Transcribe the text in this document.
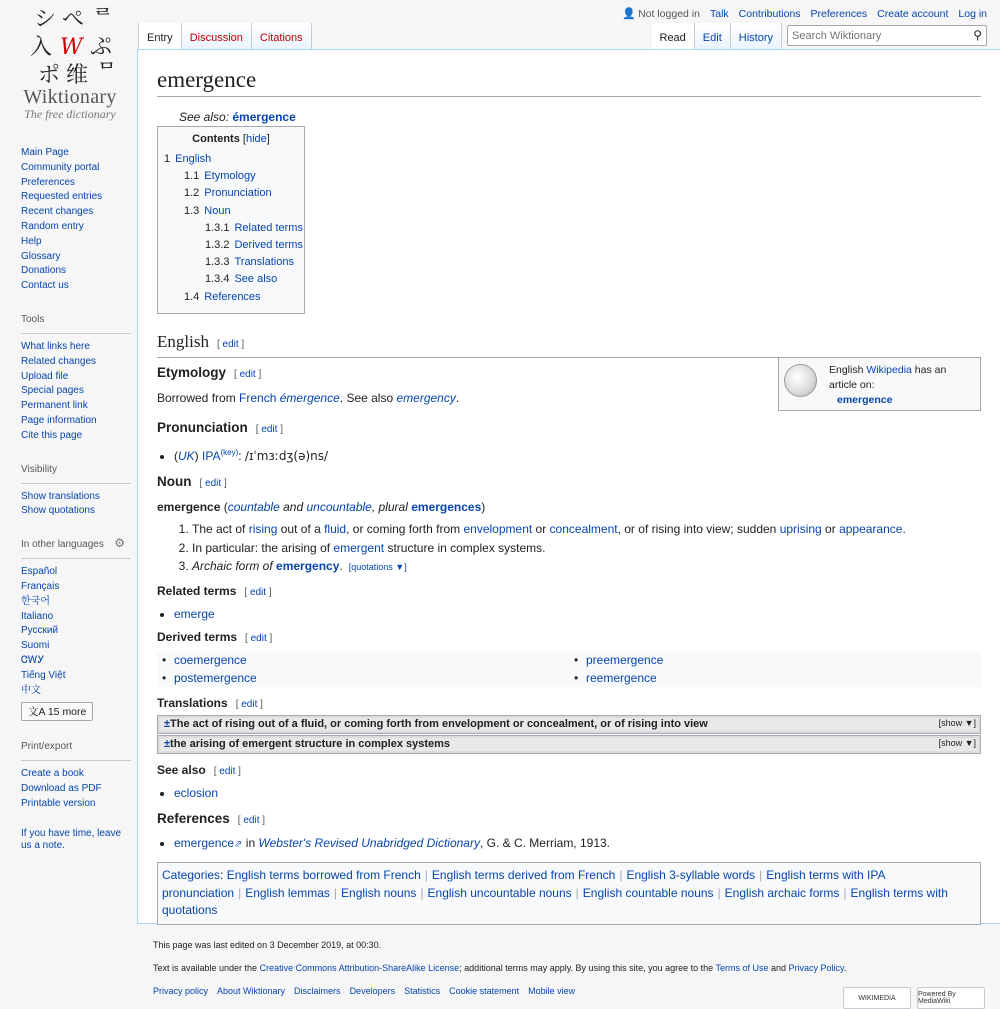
シ ぺ ᄅ
入 W ぷ
ポ 维 ᄆ
Wiktionary
The free dictionary
Main Page
Community portal
Preferences
Requested entries
Recent changes
Random entry
Help
Glossary
Donations
Contact us
Tools
What links here
Related changes
Upload file
Special pages
Permanent link
Page information
Cite this page
Visibility
Show translations
Show quotations
In other languages ⚙
Español
Français
한국어
Italiano
Русский
Suomi
ᏣᎳᎩ
Tiếng Việt
中文
文A 15 more
Print/export
Create a book
Download as PDF
Printable version
If you have time, leave us a note.
👤 Not logged in Talk Contributions Preferences Create account Log in
Entry	Discussion	Citations	Read	Edit	History
Search Wiktionary	⚲
emergence
See also: émergence
Contents [hide]
1 English
1.1 Etymology
1.2 Pronunciation
1.3 Noun
1.3.1 Related terms
1.3.2 Derived terms
1.3.3 Translations
1.3.4 See also
1.4 References
English Wikipedia has an article on:
emergence
English [ edit ]
Etymology [ edit ]

Borrowed from French émergence. See also emergency.

Pronunciation [ edit ]
• (UK) IPA$^{(key)}$: /ɪˈmɜːdʒ(ə)ns/
Noun [ edit ]

emergence (countable and uncountable, plural emergences)

1. The act of rising out of a fluid, or coming forth from envelopment or concealment, or of rising into view; sudden uprising or appearance.
2. In particular: the arising of emergent structure in complex systems.
3. Archaic form of emergency. [quotations ▼]
Related terms [ edit ]
• emerge
Derived terms [ edit ]
• coemergence	• preemergence
• postemergence	• reemergence
Translations [ edit ]
±The act of rising out of a fluid, or coming forth from envelopment or concealment, or of rising into view	[show ▼]
±the arising of emergent structure in complex systems	[show ▼]
See also [ edit ]
• eclosion
References [ edit ]
• emergence⇗ in Webster's Revised Unabridged Dictionary, G. & C. Merriam, 1913.
Categories: English terms borrowed from French | English terms derived from French | English 3-syllable words | English terms with IPA pronunciation | English lemmas | English nouns | English uncountable nouns | English countable nouns | English archaic forms | English terms with quotations

This page was last edited on 3 December 2019, at 00:30.

Text is available under the Creative Commons Attribution-ShareAlike License; additional terms may apply. By using this site, you agree to the Terms of Use and Privacy Policy.

Privacy policy About Wiktionary Disclaimers Developers Statistics Cookie statement Mobile view
WIKIMEDIA	Powered By MediaWiki
